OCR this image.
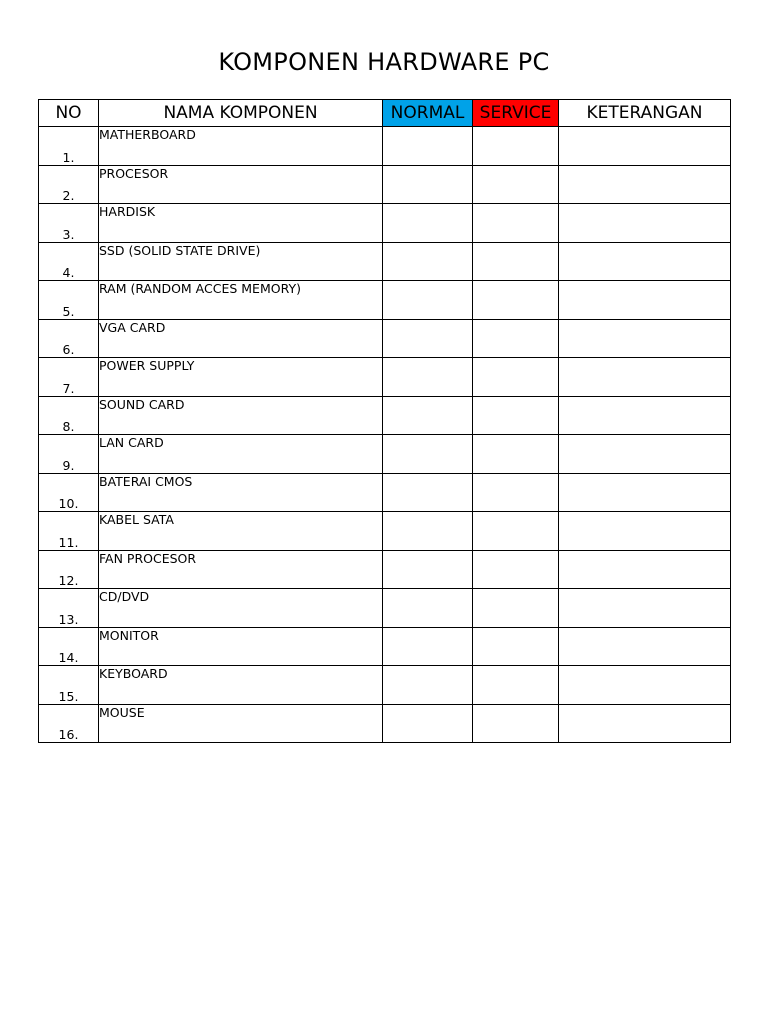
KOMPONEN HARDWARE PC
NO	NAMA KOMPONEN	NORMAL	SERVICE	KETERANGAN
1.	MATHERBOARD			
2.	PROCESOR			
3.	HARDISK			
4.	SSD (SOLID STATE DRIVE)			
5.	RAM (RANDOM ACCES MEMORY)			
6.	VGA CARD			
7.	POWER SUPPLY			
8.	SOUND CARD			
9.	LAN CARD			
10.	BATERAI CMOS			
11.	KABEL SATA			
12.	FAN PROCESOR			
13.	CD/DVD			
14.	MONITOR			
15.	KEYBOARD			
16.	MOUSE			
